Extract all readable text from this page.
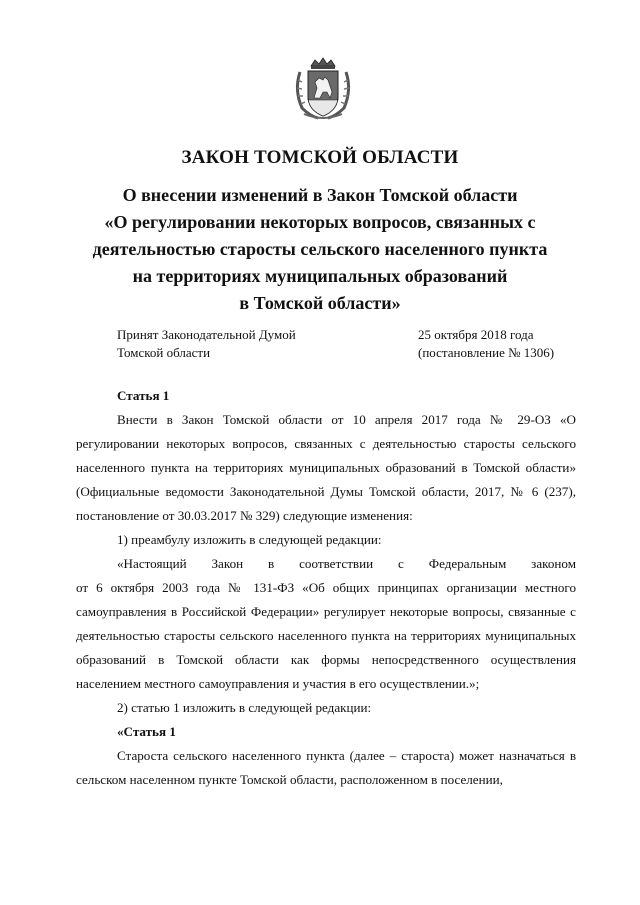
ЗАКОН ТОМСКОЙ ОБЛАСТИ
О внесении изменений в Закон Томской области
«О регулировании некоторых вопросов, связанных с
деятельностью старосты сельского населенного пункта
на территориях муниципальных образований
в Томской области»
Принят Законодательной Думой
Томской области
25 октября 2018 года
(постановление № 1306)

Статья 1

Внести в Закон Томской области от 10 апреля 2017 года № 29-ОЗ «О регулировании некоторых вопросов, связанных с деятельностью старосты сельского населенного пункта на территориях муниципальных образований в Томской области» (Официальные ведомости Законодательной Думы Томской области, 2017, № 6 (237), постановление от 30.03.2017 № 329) следующие изменения:

1) преамбулу изложить в следующей редакции:

«Настоящий Закон в соответствии с Федеральным законом

от 6 октября 2003 года № 131-ФЗ «Об общих принципах организации местного самоуправления в Российской Федерации» регулирует некоторые вопросы, связанные с деятельностью старосты сельского населенного пункта на территориях муниципальных образований в Томской области как формы непосредственного осуществления населением местного самоуправления и участия в его осуществлении.»;

2) статью 1 изложить в следующей редакции:

«Статья 1

Староста сельского населенного пункта (далее – староста) может назначаться в сельском населенном пункте Томской области, расположенном в поселении,
